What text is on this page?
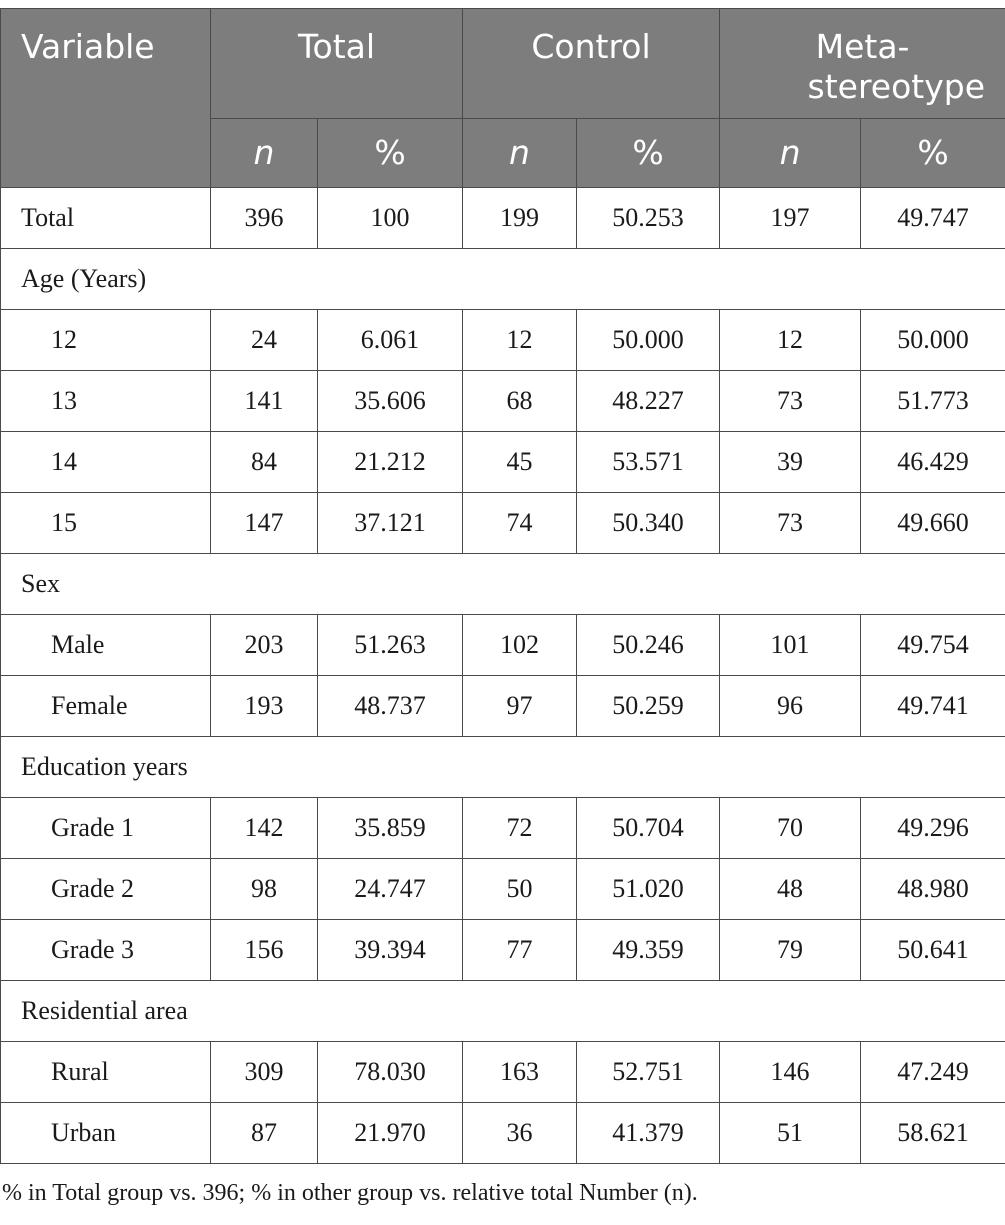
Variable	Total		Control		Meta-stereotype	
	n	%	n	%	n	%
Total	396	100	199	50.253	197	49.747
Age (Years)						
12	24	6.061	12	50.000	12	50.000
13	141	35.606	68	48.227	73	51.773
14	84	21.212	45	53.571	39	46.429
15	147	37.121	74	50.340	73	49.660
Sex						
Male	203	51.263	102	50.246	101	49.754
Female	193	48.737	97	50.259	96	49.741
Education years						
Grade 1	142	35.859	72	50.704	70	49.296
Grade 2	98	24.747	50	51.020	48	48.980
Grade 3	156	39.394	77	49.359	79	50.641
Residential area						
Rural	309	78.030	163	52.751	146	47.249
Urban	87	21.970	36	41.379	51	58.621
% in Total group vs. 396; % in other group vs. relative total Number (n).
